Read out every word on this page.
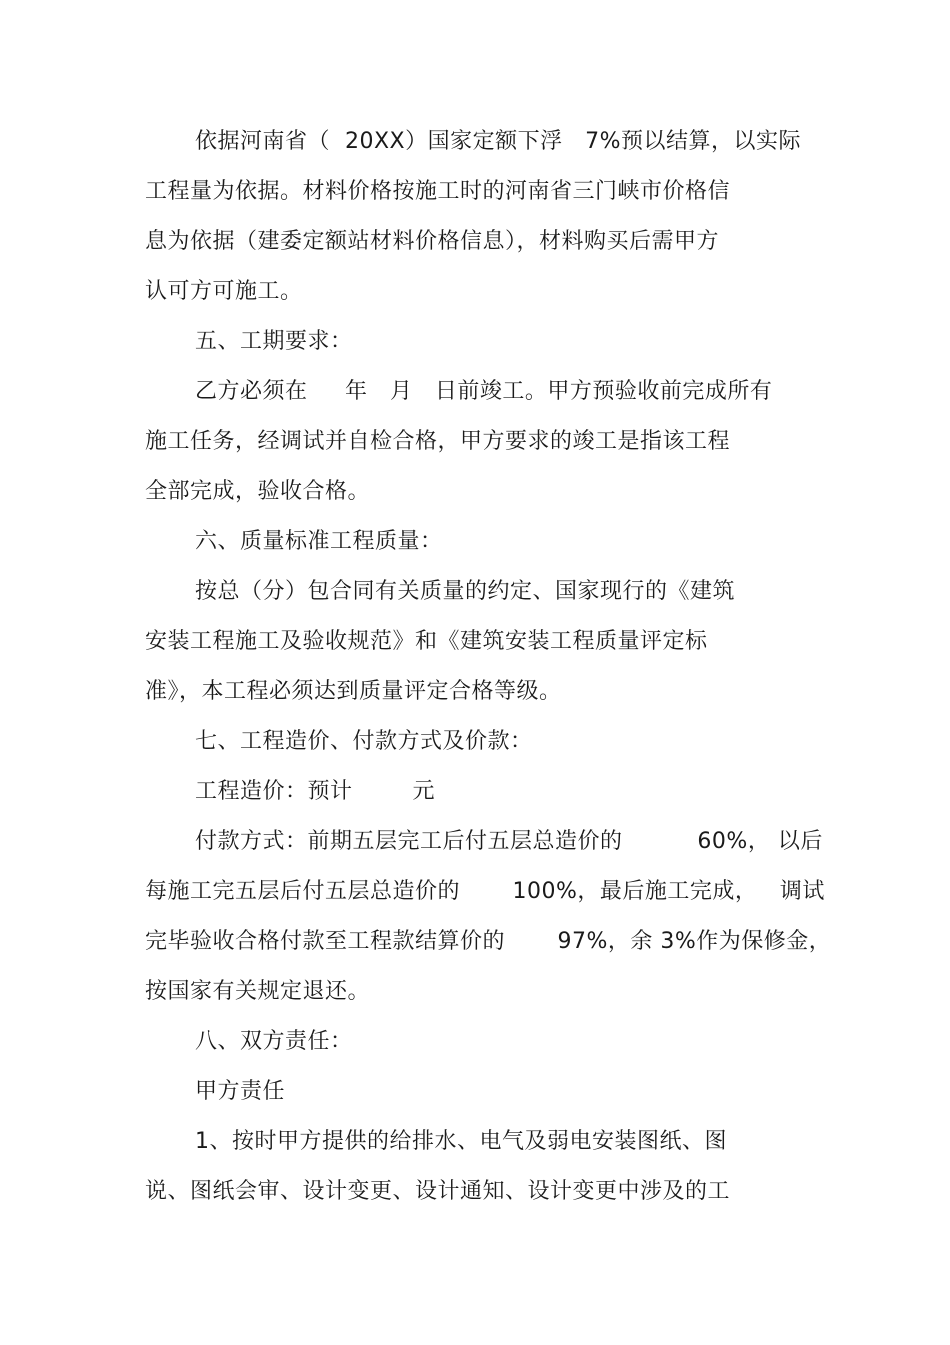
依据河南省（  20XX）国家定额下浮   7%预以结算，以实际
工程量为依据。材料价格按施工时的河南省三门峡市价格信
息为依据（建委定额站材料价格信息），材料购买后需甲方
认可方可施工。
五、工期要求：
乙方必须在     年   月   日前竣工。甲方预验收前完成所有
施工任务，经调试并自检合格，甲方要求的竣工是指该工程
全部完成，验收合格。
六、质量标准工程质量：
按总（分）包合同有关质量的约定、国家现行的《建筑
安装工程施工及验收规范》和《建筑安装工程质量评定标
准》，本工程必须达到质量评定合格等级。
七、工程造价、付款方式及价款：
工程造价：预计        元
付款方式：前期五层完工后付五层总造价的          60%， 以后
每施工完五层后付五层总造价的       100%，最后施工完成，   调试
完毕验收合格付款至工程款结算价的       97%，余 3%作为保修金，
按国家有关规定退还。
八、双方责任：
甲方责任
1、按时甲方提供的给排水、电气及弱电安装图纸、图
说、图纸会审、设计变更、设计通知、设计变更中涉及的工
